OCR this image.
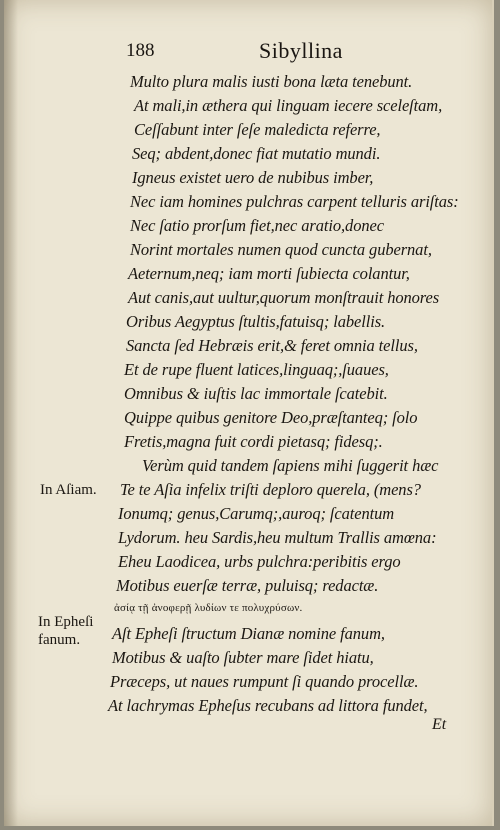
188	Sibyllina
Multo plura malis iusti bona læta tenebunt.
At mali,in æthera qui linguam iecere sceleſtam,
Ceſſabunt inter ſeſe maledicta referre,
Seq; abdent,donec fiat mutatio mundi.
Igneus existet uero de nubibus imber,
Nec iam homines pulchras carpent telluris ariſtas:
Nec ſatio prorſum fiet,nec aratio,donec
Norint mortales numen quod cuncta gubernat,
Aeternum,neq; iam morti ſubiecta colantur,
Aut canis,aut uultur,quorum monſtrauit honores
Oribus Aegyptus ſtultis,fatuisq; labellis.
Sancta ſed Hebræis erit,& feret omnia tellus,
Et de rupe fluent latices,linguaq;,ſuaues,
Omnibus & iuſtis lac immortale ſcatebit.
Quippe quibus genitore Deo,præſtanteq; ſolo
Fretis,magna fuit cordi pietasq; fidesq;.
Verùm quid tandem ſapiens mihi ſuggerit hæc
Te te Aſia infelix triſti deploro querela, (mens?
Ionumq; genus,Carumq;,auroq; ſcatentum
Lydorum. heu Sardis,heu multum Trallis amœna:
Eheu Laodicea, urbs pulchra:peribitis ergo
Motibus euerſæ terræ, puluisq; redactæ.
ἀσίᾳ τῇ ἀνοφερῇ λυδίων τε πολυχρύσων.
Aſt Epheſi ſtructum Dianæ nomine fanum,
Motibus & uaſto ſubter mare ſidet hiatu,
Præceps, ut naues rumpunt ſi quando procellæ.
At lachrymas Epheſus recubans ad littora fundet,
In Aſiam.
In Epheſi
fanum.
Et
